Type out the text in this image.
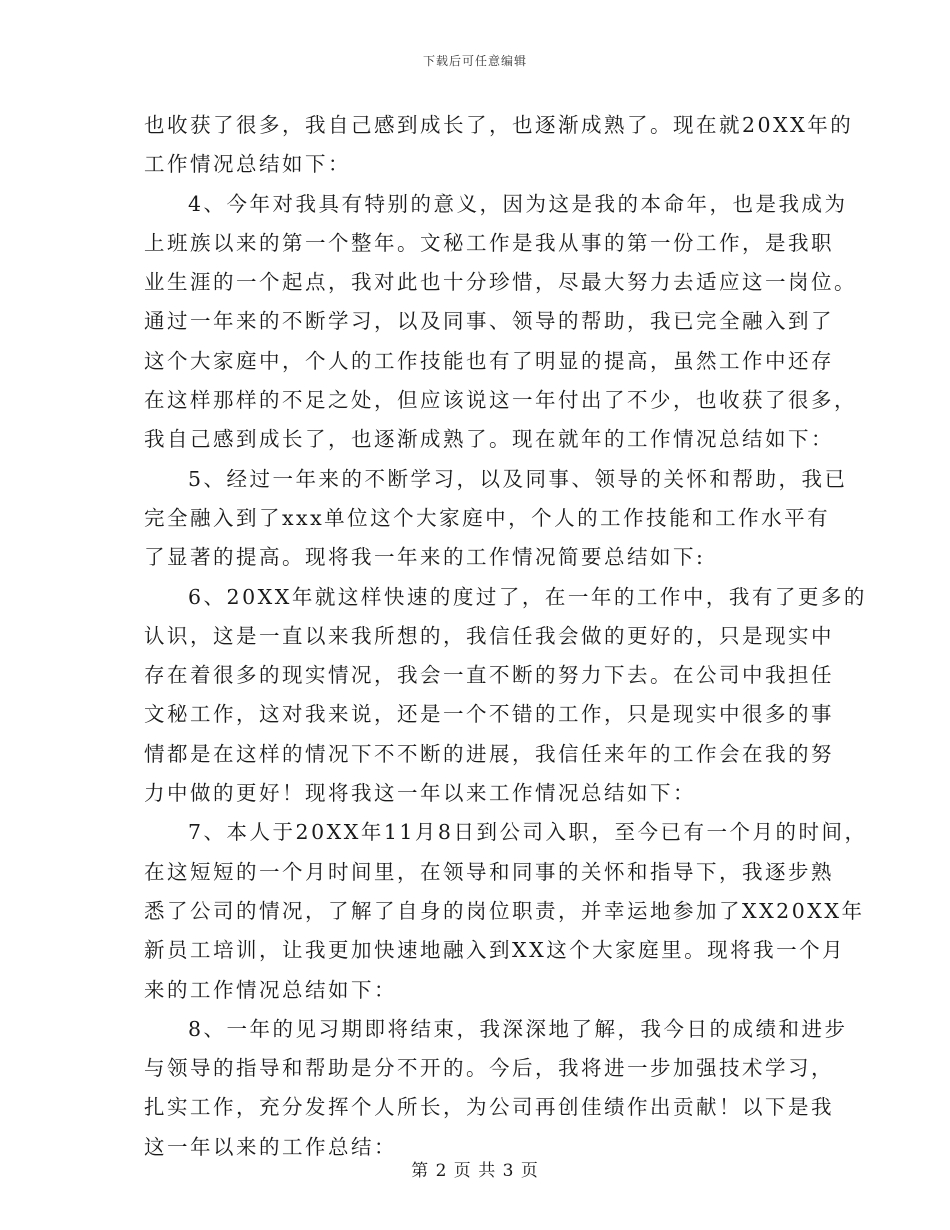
下载后可任意编辑
也收获了很多，我自己感到成长了，也逐渐成熟了。现在就20XX年的
工作情况总结如下：
4、今年对我具有特别的意义，因为这是我的本命年，也是我成为
上班族以来的第一个整年。文秘工作是我从事的第一份工作，是我职
业生涯的一个起点，我对此也十分珍惜，尽最大努力去适应这一岗位。
通过一年来的不断学习，以及同事、领导的帮助，我已完全融入到了
这个大家庭中，个人的工作技能也有了明显的提高，虽然工作中还存
在这样那样的不足之处，但应该说这一年付出了不少，也收获了很多，
我自己感到成长了，也逐渐成熟了。现在就年的工作情况总结如下：
5、经过一年来的不断学习，以及同事、领导的关怀和帮助，我已
完全融入到了xxx单位这个大家庭中，个人的工作技能和工作水平有
了显著的提高。现将我一年来的工作情况简要总结如下:
6、20XX年就这样快速的度过了，在一年的工作中，我有了更多的
认识，这是一直以来我所想的，我信任我会做的更好的，只是现实中
存在着很多的现实情况，我会一直不断的努力下去。在公司中我担任
文秘工作，这对我来说，还是一个不错的工作，只是现实中很多的事
情都是在这样的情况下不不断的进展，我信任来年的工作会在我的努
力中做的更好！现将我这一年以来工作情况总结如下：
7、本人于20XX年11月8日到公司入职，至今已有一个月的时间，
在这短短的一个月时间里，在领导和同事的关怀和指导下，我逐步熟
悉了公司的情况，了解了自身的岗位职责，并幸运地参加了XX20XX年
新员工培训，让我更加快速地融入到XX这个大家庭里。现将我一个月
来的工作情况总结如下：
8、一年的见习期即将结束，我深深地了解，我今日的成绩和进步
与领导的指导和帮助是分不开的。今后，我将进一步加强技术学习，
扎实工作，充分发挥个人所长，为公司再创佳绩作出贡献！以下是我
这一年以来的工作总结：
第 2 页 共 3 页
